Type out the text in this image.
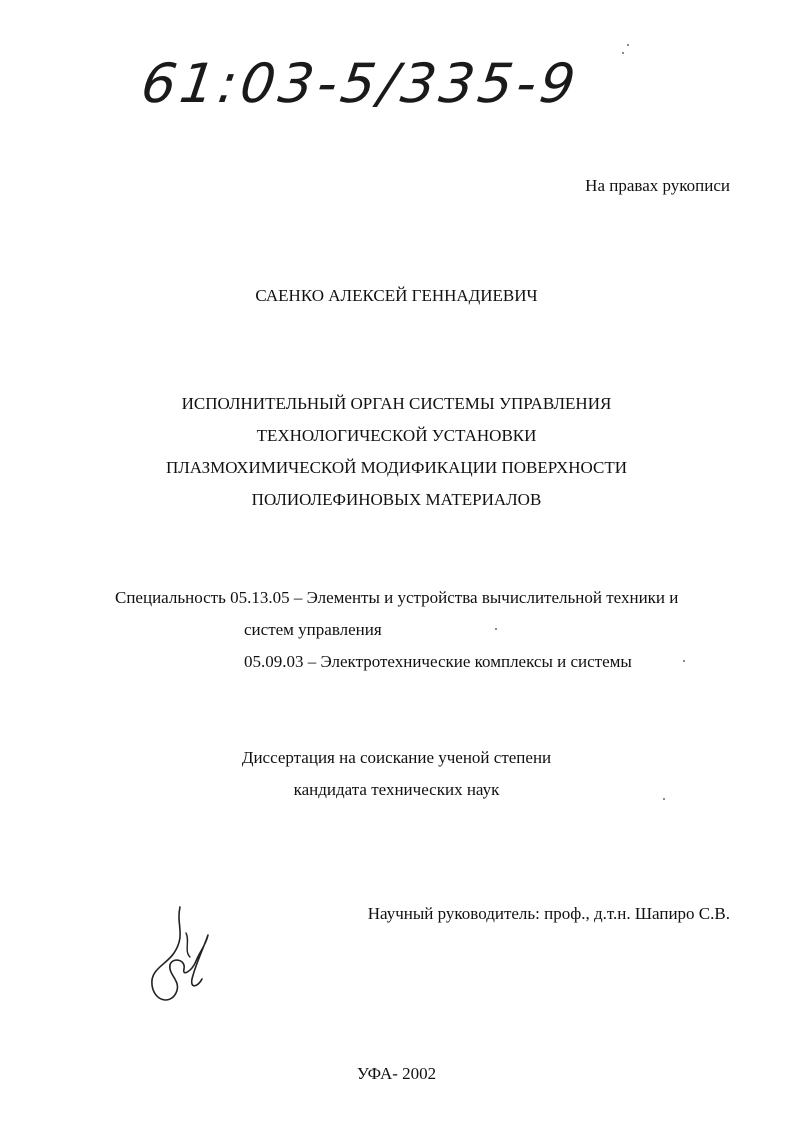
61:03-5/335-9
На правах рукописи
САЕНКО АЛЕКСЕЙ ГЕННАДИЕВИЧ
ИСПОЛНИТЕЛЬНЫЙ ОРГАН СИСТЕМЫ УПРАВЛЕНИЯ
ТЕХНОЛОГИЧЕСКОЙ УСТАНОВКИ
ПЛАЗМОХИМИЧЕСКОЙ МОДИФИКАЦИИ ПОВЕРХНОСТИ
ПОЛИОЛЕФИНОВЫХ МАТЕРИАЛОВ
Специальность 05.13.05 – Элементы и устройства вычислительной техники и
систем управления
05.09.03 – Электротехнические комплексы и системы
Диссертация на соискание ученой степени
кандидата технических наук
Научный руководитель: проф., д.т.н. Шапиро С.В.
УФА- 2002
